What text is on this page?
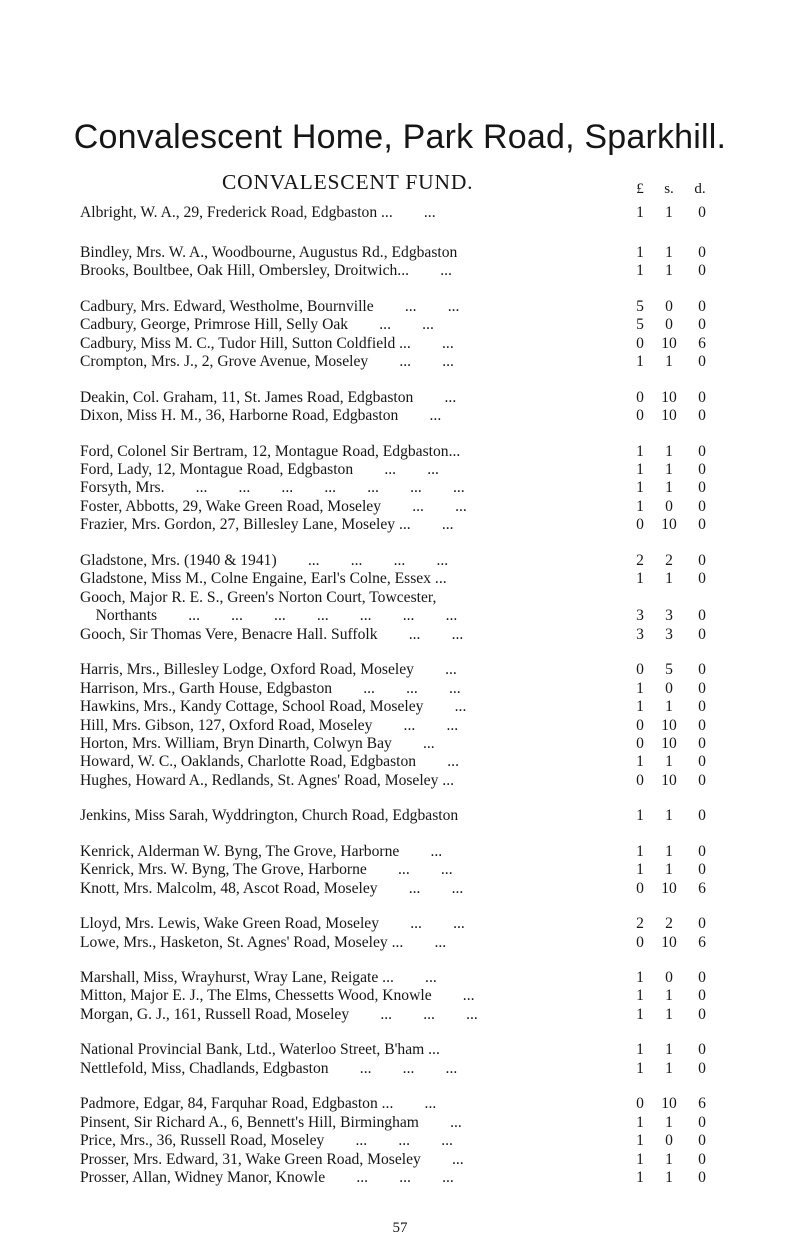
Convalescent Home, Park Road, Sparkhill.
CONVALESCENT FUND.	£	s.	d.
Albright, W. A., 29, Frederick Road, Edgbaston ...        ...	1	1	0
Bindley, Mrs. W. A., Woodbourne, Augustus Rd., Edgbaston	1	1	0
Brooks, Boultbee, Oak Hill, Ombersley, Droitwich...        ...	1	1	0
Cadbury, Mrs. Edward, Westholme, Bournville        ...        ...	5	0	0
Cadbury, George, Primrose Hill, Selly Oak        ...        ...	5	0	0
Cadbury, Miss M. C., Tudor Hill, Sutton Coldfield ...        ...	0	10	6
Crompton, Mrs. J., 2, Grove Avenue, Moseley        ...        ...	1	1	0
Deakin, Col. Graham, 11, St. James Road, Edgbaston        ...	0	10	0
Dixon, Miss H. M., 36, Harborne Road, Edgbaston        ...	0	10	0
Ford, Colonel Sir Bertram, 12, Montague Road, Edgbaston...	1	1	0
Ford, Lady, 12, Montague Road, Edgbaston        ...        ...	1	1	0
Forsyth, Mrs.        ...        ...        ...        ...        ...        ...        ...	1	1	0
Foster, Abbotts, 29, Wake Green Road, Moseley        ...        ...	1	0	0
Frazier, Mrs. Gordon, 27, Billesley Lane, Moseley ...        ...	0	10	0
Gladstone, Mrs. (1940 & 1941)        ...        ...        ...        ...	2	2	0
Gladstone, Miss M., Colne Engaine, Earl's Colne, Essex ...	1	1	0
Gooch, Major R. E. S., Green's Norton Court, Towcester,
Northants        ...        ...        ...        ...        ...        ...        ...	3	3	0
Gooch, Sir Thomas Vere, Benacre Hall. Suffolk        ...        ...	3	3	0
Harris, Mrs., Billesley Lodge, Oxford Road, Moseley        ...	0	5	0
Harrison, Mrs., Garth House, Edgbaston        ...        ...        ...	1	0	0
Hawkins, Mrs., Kandy Cottage, School Road, Moseley        ...	1	1	0
Hill, Mrs. Gibson, 127, Oxford Road, Moseley        ...        ...	0	10	0
Horton, Mrs. William, Bryn Dinarth, Colwyn Bay        ...	0	10	0
Howard, W. C., Oaklands, Charlotte Road, Edgbaston        ...	1	1	0
Hughes, Howard A., Redlands, St. Agnes' Road, Moseley ...	0	10	0
Jenkins, Miss Sarah, Wyddrington, Church Road, Edgbaston	1	1	0
Kenrick, Alderman W. Byng, The Grove, Harborne        ...	1	1	0
Kenrick, Mrs. W. Byng, The Grove, Harborne        ...        ...	1	1	0
Knott, Mrs. Malcolm, 48, Ascot Road, Moseley        ...        ...	0	10	6
Lloyd, Mrs. Lewis, Wake Green Road, Moseley        ...        ...	2	2	0
Lowe, Mrs., Hasketon, St. Agnes' Road, Moseley ...        ...	0	10	6
Marshall, Miss, Wrayhurst, Wray Lane, Reigate ...        ...	1	0	0
Mitton, Major E. J., The Elms, Chessetts Wood, Knowle        ...	1	1	0
Morgan, G. J., 161, Russell Road, Moseley        ...        ...        ...	1	1	0
National Provincial Bank, Ltd., Waterloo Street, B'ham ...	1	1	0
Nettlefold, Miss, Chadlands, Edgbaston        ...        ...        ...	1	1	0
Padmore, Edgar, 84, Farquhar Road, Edgbaston ...        ...	0	10	6
Pinsent, Sir Richard A., 6, Bennett's Hill, Birmingham        ...	1	1	0
Price, Mrs., 36, Russell Road, Moseley        ...        ...        ...	1	0	0
Prosser, Mrs. Edward, 31, Wake Green Road, Moseley        ...	1	1	0
Prosser, Allan, Widney Manor, Knowle        ...        ...        ...	1	1	0
57
